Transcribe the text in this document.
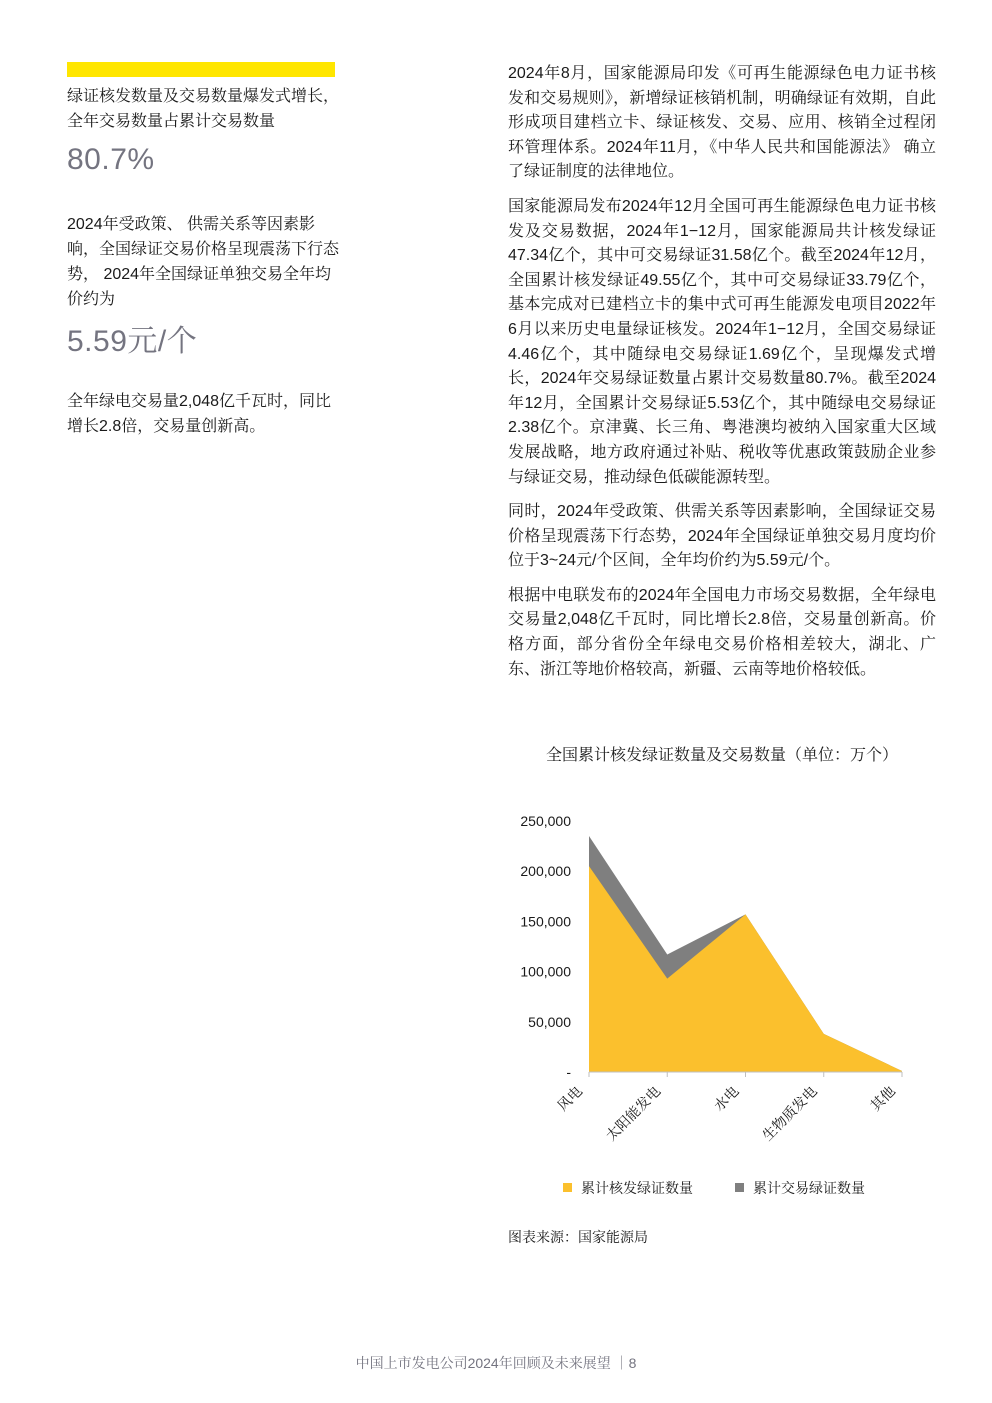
绿证核发数量及交易数量爆发式增长，全年交易数量占累计交易数量
80.7%
2024年受政策、 供需关系等因素影响，全国绿证交易价格呈现震荡下行态势， 2024年全国绿证单独交易全年均价约为
5.59元/个
全年绿电交易量2,048亿千瓦时，同比增长2.8倍，交易量创新高。

2024年8月，国家能源局印发《可再生能源绿色电力证书核发和交易规则》，新增绿证核销机制，明确绿证有效期，自此形成项目建档立卡、绿证核发、交易、应用、核销全过程闭环管理体系。2024年11月，《中华人民共和国能源法》 确立了绿证制度的法律地位。

国家能源局发布2024年12月全国可再生能源绿色电力证书核发及交易数据，2024年1−12月，国家能源局共计核发绿证47.34亿个，其中可交易绿证31.58亿个。截至2024年12月，全国累计核发绿证49.55亿个，其中可交易绿证33.79亿个，基本完成对已建档立卡的集中式可再生能源发电项目2022年6月以来历史电量绿证核发。2024年1−12月，全国交易绿证4.46亿个，其中随绿电交易绿证1.69亿个，呈现爆发式增长，2024年交易绿证数量占累计交易数量80.7%。截至2024年12月，全国累计交易绿证5.53亿个，其中随绿电交易绿证2.38亿个。京津冀、长三角、粤港澳均被纳入国家重大区域发展战略，地方政府通过补贴、税收等优惠政策鼓励企业参与绿证交易，推动绿色低碳能源转型。

同时，2024年受政策、供需关系等因素影响，全国绿证交易价格呈现震荡下行态势，2024年全国绿证单独交易月度均价位于3~24元/个区间，全年均价约为5.59元/个。

根据中电联发布的2024年全国电力市场交易数据，全年绿电交易量2,048亿千瓦时，同比增长2.8倍，交易量创新高。价格方面，部分省份全年绿电交易价格相差较大，湖北、广东、浙江等地价格较高，新疆、云南等地价格较低。

全国累计核发绿证数量及交易数量（单位：万个）
-
50,000
100,000
150,000
200,000
250,000
风电 太阳能发电	水电 生物质发电	其他
累计核发绿证数量	累计交易绿证数量
图表来源：国家能源局
中国上市发电公司2024年回顾及未来展望 ｜8
